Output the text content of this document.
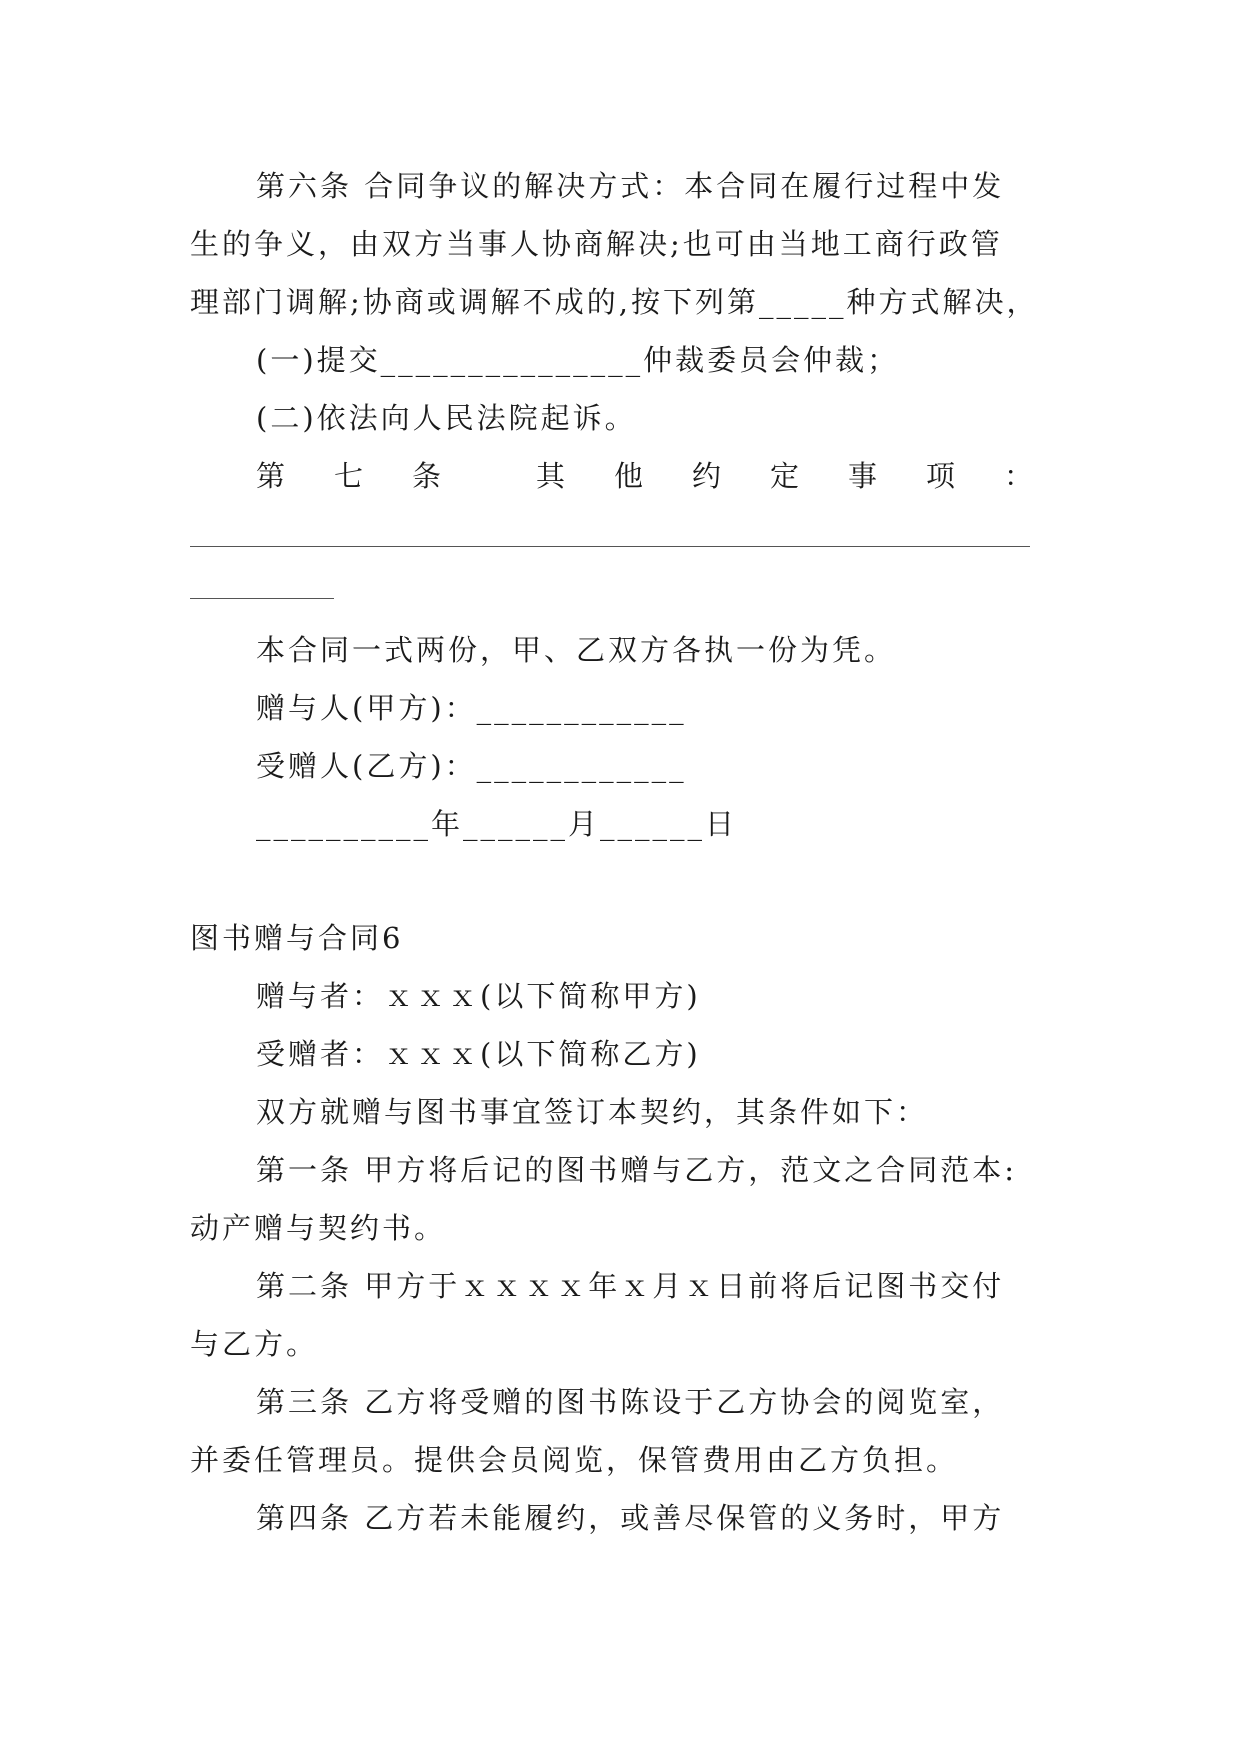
第六条 合同争议的解决方式：本合同在履行过程中发
生的争义，由双方当事人协商解决;也可由当地工商行政管
理部门调解;协商或调解不成的,按下列第_____种方式解决，
(一)提交_______________仲裁委员会仲裁；
(二)依法向人民法院起诉。
第 七 条	其 他 约 定 事 项 ：
本合同一式两份，甲、乙双方各执一份为凭。
赠与人(甲方)：____________
受赠人(乙方)：____________
__________年______月______日
图书赠与合同6
赠与者：ｘｘｘ(以下简称甲方)
受赠者：ｘｘｘ(以下简称乙方)
双方就赠与图书事宜签订本契约，其条件如下：
第一条 甲方将后记的图书赠与乙方，范文之合同范本:
动产赠与契约书。
第二条 甲方于ｘｘｘｘ年ｘ月ｘ日前将后记图书交付
与乙方。
第三条 乙方将受赠的图书陈设于乙方协会的阅览室，
并委任管理员。提供会员阅览，保管费用由乙方负担。
第四条 乙方若未能履约，或善尽保管的义务时，甲方
